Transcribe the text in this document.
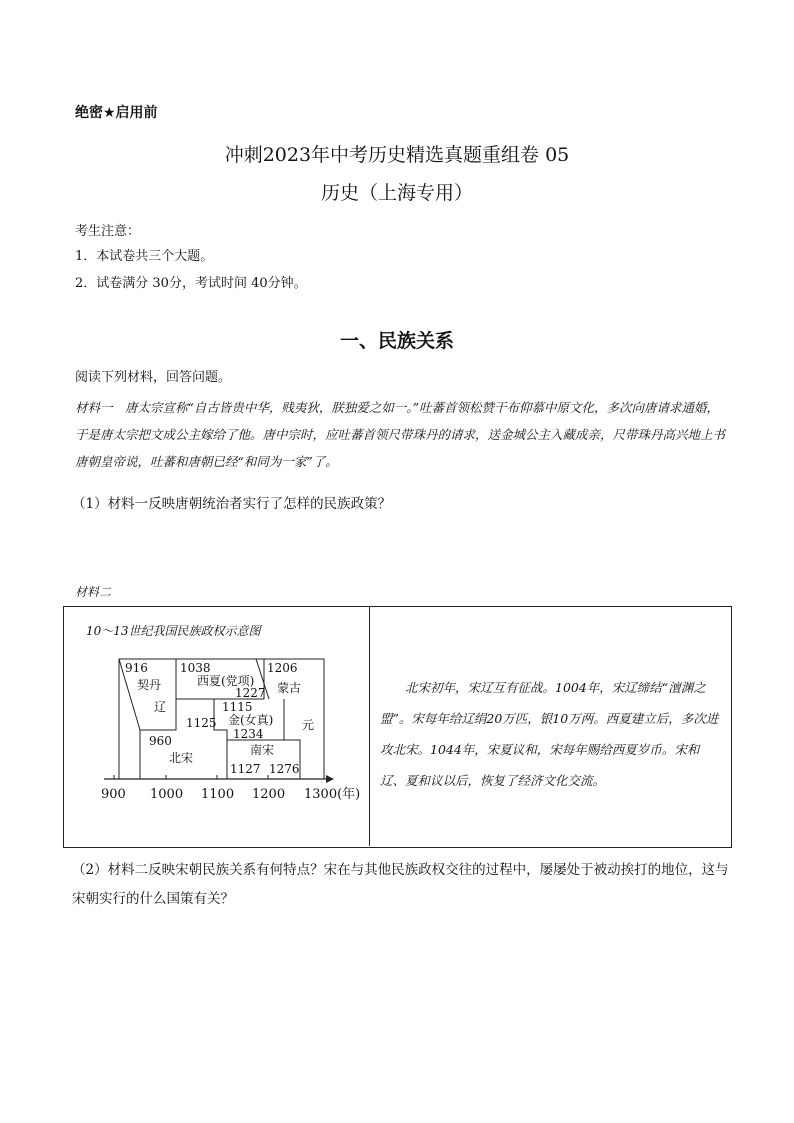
绝密★启用前
冲刺2023年中考历史精选真题重组卷 05
历史（上海专用）
考生注意：
1．本试卷共三个大题。
2．试卷满分 30分，考试时间 40分钟。
一、民族关系
阅读下列材料，回答问题。
材料一　唐太宗宣称“自古皆贵中华，贱夷狄，朕独爱之如一。”吐蕃首领松赞干布仰慕中原文化，多次向唐请求通婚，于是唐太宗把文成公主嫁给了他。唐中宗时，应吐蕃首领尺带珠丹的请求，送金城公主入藏成亲，尺带珠丹高兴地上书唐朝皇帝说，吐蕃和唐朝已经“和同为一家”了。
（1）材料一反映唐朝统治者实行了怎样的民族政策？
材料二
10～13世纪我国民族政权示意图
900 1000 1100 1200 1300(年)
916
契丹
辽
1125
1038
西夏(党项)
1227
1206
蒙古
1115
金(女真)
1234
960
北宋
1127
南宋
1276
元
北宋初年，宋辽互有征战。1004年，宋辽缔结“澶渊之盟”。宋每年给辽绢20万匹，银10万两。西夏建立后，多次进攻北宋。1044年，宋夏议和，宋每年赐给西夏岁币。宋和辽、夏和议以后，恢复了经济文化交流。
（2）材料二反映宋朝民族关系有何特点？宋在与其他民族政权交往的过程中，屡屡处于被动挨打的地位，这与宋朝实行的什么国策有关？
